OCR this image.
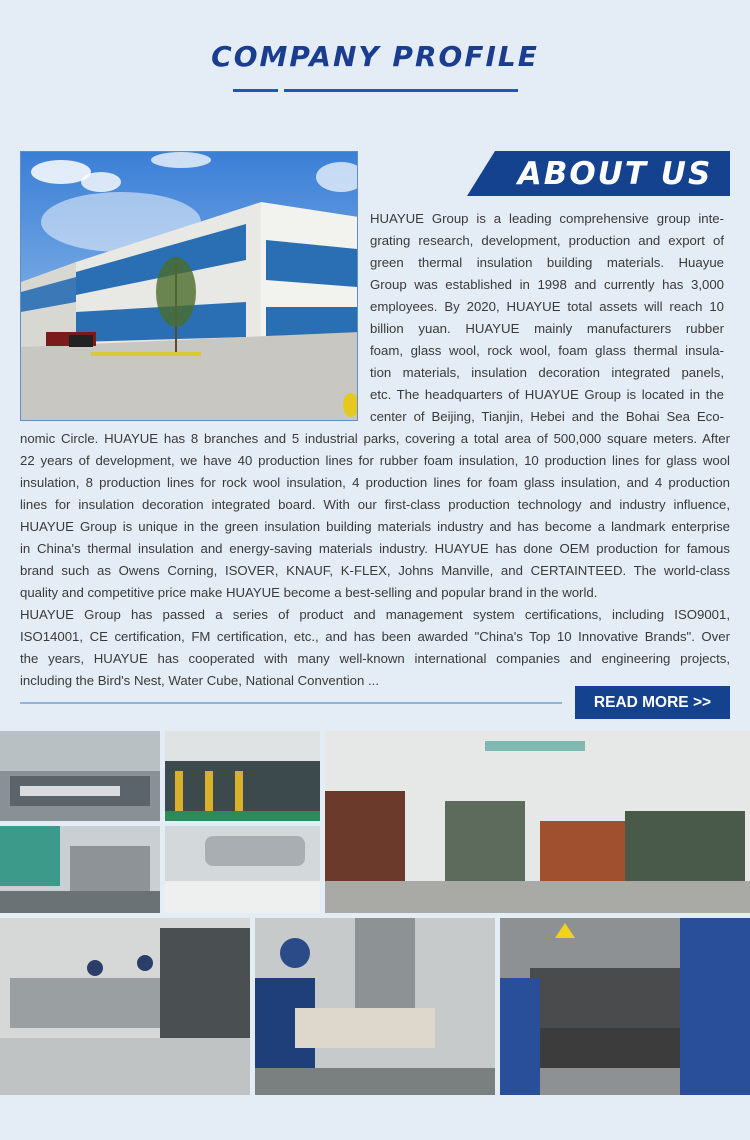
COMPANY PROFILE
ABOUT US
HUAYUE Group is a leading comprehensive group inte-
grating research, development, production and export of
green thermal insulation building materials. Huayue
Group was established in 1998 and currently has 3,000
employees. By 2020, HUAYUE total assets will reach 10
billion yuan. HUAYUE mainly manufacturers rubber
foam, glass wool, rock wool, foam glass thermal insula-
tion materials, insulation decoration integrated panels,
etc. The headquarters of HUAYUE Group is located in the
center of Beijing, Tianjin, Hebei and the Bohai Sea Eco-
nomic Circle. HUAYUE has 8 branches and 5 industrial parks, covering a total area of 500,000 square meters. After
22 years of development, we have 40 production lines for rubber foam insulation, 10 production lines for glass wool
insulation, 8 production lines for rock wool insulation, 4 production lines for foam glass insulation, and 4 production
lines for insulation decoration integrated board. With our first-class production technology and industry influence,
HUAYUE Group is unique in the green insulation building materials industry and has become a landmark enterprise
in China's thermal insulation and energy-saving materials industry. HUAYUE has done OEM production for famous
brand such as Owens Corning, ISOVER, KNAUF, K-FLEX, Johns Manville, and CERTAINTEED. The world-class
quality and competitive price make HUAYUE become a best-selling and popular brand in the world.
HUAYUE Group has passed a series of product and management system certifications, including ISO9001,
ISO14001, CE certification, FM certification, etc., and has been awarded "China's Top 10 Innovative Brands". Over
the years, HUAYUE has cooperated with many well-known international companies and engineering projects,
including the Bird's Nest, Water Cube, National Convention ...
READ MORE >>
